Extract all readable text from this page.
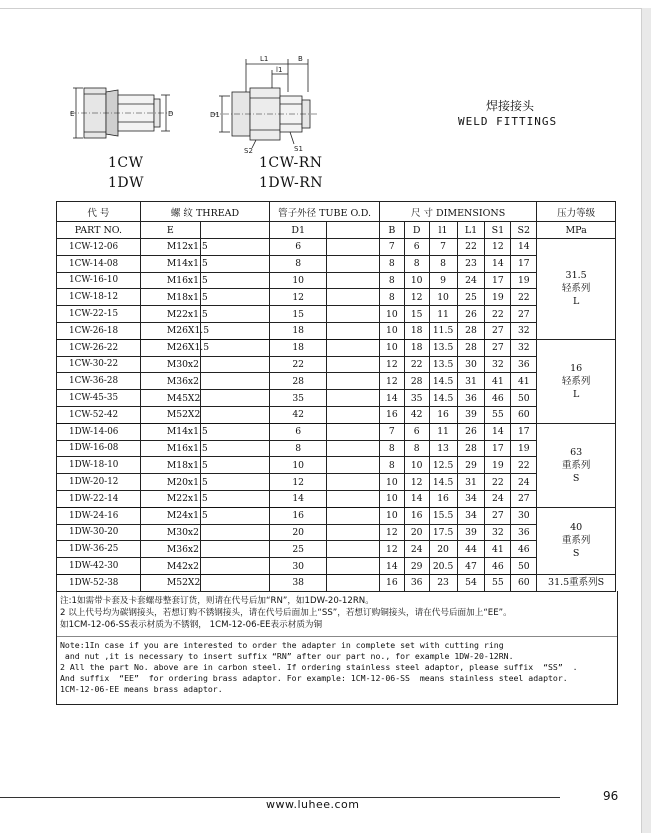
E	D
L1	B
l1
D1
S2	S1
1CW
1DW
1CW-RN
1DW-RN
焊接接头
WELD FITTINGS
代 号	螺 纹 THREAD		管子外径 TUBE O.D.		尺 寸 DIMENSIONS						压力等级
PART NO.	E		D1		B	D	l1	L1	S1	S2	MPa
1CW-12-06	M12x1.5		6		7	6	7	22	12	14	31.5
轻系列
L

1CW-14-08	M14x1.5		8		8	8	8	23	14	17	
1CW-16-10	M16x1.5		10		8	10	9	24	17	19	
1CW-18-12	M18x1.5		12		8	12	10	25	19	22	
1CW-22-15	M22x1.5		15		10	15	11	26	22	27	
1CW-26-18	M26X1.5		18		10	18	11.5	28	27	32	
1CW-26-22	M26X1.5		18		10	18	13.5	28	27	32	16
轻系列
L

1CW-30-22	M30x2		22		12	22	13.5	30	32	36	
1CW-36-28	M36x2		28		12	28	14.5	31	41	41	
1CW-45-35	M45X2		35		14	35	14.5	36	46	50	
1CW-52-42	M52X2		42		16	42	16	39	55	60	
1DW-14-06	M14x1.5		6		7	6	11	26	14	17	63
重系列
S

1DW-16-08	M16x1.5		8		8	8	13	28	17	19	
1DW-18-10	M18x1.5		10		8	10	12.5	29	19	22	
1DW-20-12	M20x1.5		12		10	12	14.5	31	22	24	
1DW-22-14	M22x1.5		14		10	14	16	34	24	27	
1DW-24-16	M24x1.5		16		10	16	15.5	34	27	30	40
重系列
S

1DW-30-20	M30x2		20		12	20	17.5	39	32	36	
1DW-36-25	M36x2		25		12	24	20	44	41	46	
1DW-42-30	M42x2		30		14	29	20.5	47	46	50	
1DW-52-38	M52X2		38		16	36	23	54	55	60	31.5重系列S
注:1如需带卡套及卡套螺母整套订货，则请在代号后加“RN”，如1DW-20-12RN。
2 以上代号均为碳钢接头，若想订购不锈钢接头，请在代号后面加上“SS”，若想订购铜接头，请在代号后面加上“EE”。
如1CM-12-06-SS表示材质为不锈钢， 1CM-12-06-EE表示材质为铜
Note:1In case if you are interested to order the adapter in complete set with cutting ring
and nut ,it is necessary to insert suffix “RN” after our part no., for example 1DW-20-12RN.
2 All the part No. above are in carbon steel. If ordering stainless steel adaptor, please suffix  “SS”  .
And suffix  “EE”  for ordering brass adaptor. For example: 1CM-12-06-SS  means stainless steel adaptor.
1CM-12-06-EE means brass adaptor.
www.luhee.com
96
